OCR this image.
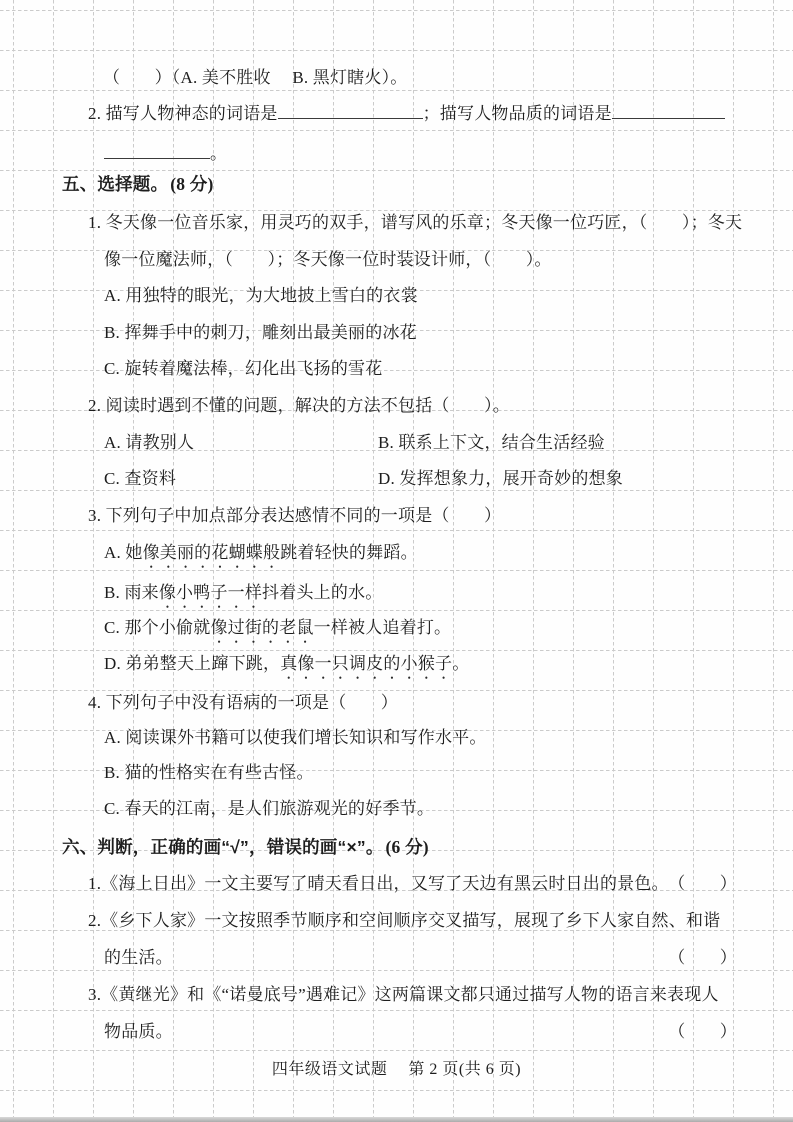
（　　）（A. 美不胜收　 B. 黑灯瞎火）。
2. 描写人物神态的词语是	；描写人物品质的词语是
。
五、选择题。 (8 分)
1. 冬天像一位音乐家，用灵巧的双手，谱写风的乐章；冬天像一位巧匠，（　　）；冬天
像一位魔法师，（　　）；冬天像一位时装设计师，（　　）。
A. 用独特的眼光，为大地披上雪白的衣裳
B. 挥舞手中的刺刀，雕刻出最美丽的冰花
C. 旋转着魔法棒，幻化出飞扬的雪花
2. 阅读时遇到不懂的问题，解决的方法不包括（　　）。
A. 请教别人	B. 联系上下文，结合生活经验
C. 查资料	D. 发挥想象力，展开奇妙的想象
3. 下列句子中加点部分表达感情不同的一项是（　　）
A. 她像美丽的花蝴蝶般跳着轻快的舞蹈。
B. 雨来像小鸭子一样抖着头上的水。
C. 那个小偷就像过街的老鼠一样被人追着打。
D. 弟弟整天上蹿下跳，真像一只调皮的小猴子。
4. 下列句子中没有语病的一项是（　　）
A. 阅读课外书籍可以使我们增长知识和写作水平。
B. 猫的性格实在有些古怪。
C. 春天的江南，是人们旅游观光的好季节。
六、判断，正确的画“√”，错误的画“×”。 (6 分)
1.《海上日出》一文主要写了晴天看日出，又写了天边有黑云时日出的景色。 （　　）
2.《乡下人家》一文按照季节顺序和空间顺序交叉描写，展现了乡下人家自然、和谐
的生活。	（　　）
3.《黄继光》和《“诺曼底号”遇难记》这两篇课文都只通过描写人物的语言来表现人
物品质。	（　　）
四年级语文试题　 第 2 页(共 6 页)
